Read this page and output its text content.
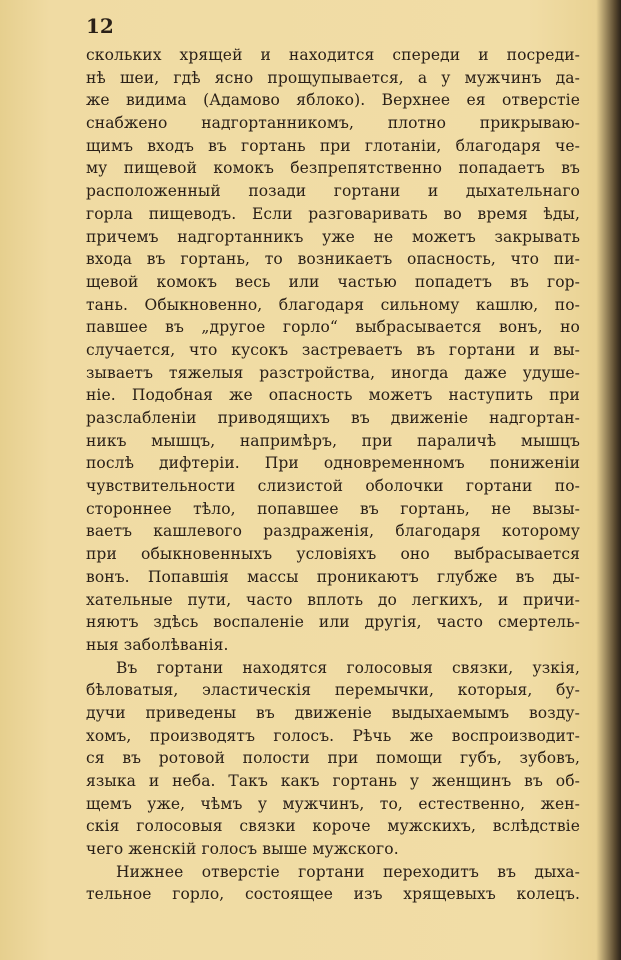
12
скольких хрящей и находится спереди и посреди-
нѣ шеи, гдѣ ясно прощупывается, а у мужчинъ да-
же видима (Адамово яблоко). Верхнее ея отверстіе
снабжено надгортанникомъ, плотно прикрываю-
щимъ входъ въ гортань при глотаніи, благодаря че-
му пищевой комокъ безпрепятственно попадаетъ въ
расположенный позади гортани и дыхательнаго
горла пищеводъ. Если разговаривать во время ѣды,
причемъ надгортанникъ уже не можетъ закрывать
входа въ гортань, то возникаетъ опасность, что пи-
щевой комокъ весь или частью попадетъ въ гор-
тань. Обыкновенно, благодаря сильному кашлю, по-
павшее въ „другое горло“ выбрасывается вонъ, но
случается, что кусокъ застреваетъ въ гортани и вы-
зываетъ тяжелыя разстройства, иногда даже удуше-
ніе. Подобная же опасность можетъ наступить при
разслабленіи приводящихъ въ движеніе надгортан-
никъ мышцъ, напримѣръ, при параличѣ мышцъ
послѣ дифтеріи. При одновременномъ пониженіи
чувствительности слизистой оболочки гортани по-
стороннее тѣло, попавшее въ гортань, не вызы-
ваетъ кашлевого раздраженія, благодаря которому
при обыкновенныхъ условіяхъ оно выбрасывается
вонъ. Попавшія массы проникаютъ глубже въ ды-
хательные пути, часто вплоть до легкихъ, и причи-
няютъ здѣсь воспаленіе или другія, часто смертель-
ныя заболѣванія.
Въ гортани находятся голосовыя связки, узкія,
бѣловатыя, эластическія перемычки, которыя, бу-
дучи приведены въ движеніе выдыхаемымъ возду-
хомъ, производятъ голосъ. Рѣчь же воспроизводит-
ся въ ротовой полости при помощи губъ, зубовъ,
языка и неба. Такъ какъ гортань у женщинъ въ об-
щемъ уже, чѣмъ у мужчинъ, то, естественно, жен-
скія голосовыя связки короче мужскихъ, вслѣдствіе
чего женскій голосъ выше мужского.
Нижнее отверстіе гортани переходитъ въ дыха-
тельное горло, состоящее изъ хрящевыхъ колецъ.
